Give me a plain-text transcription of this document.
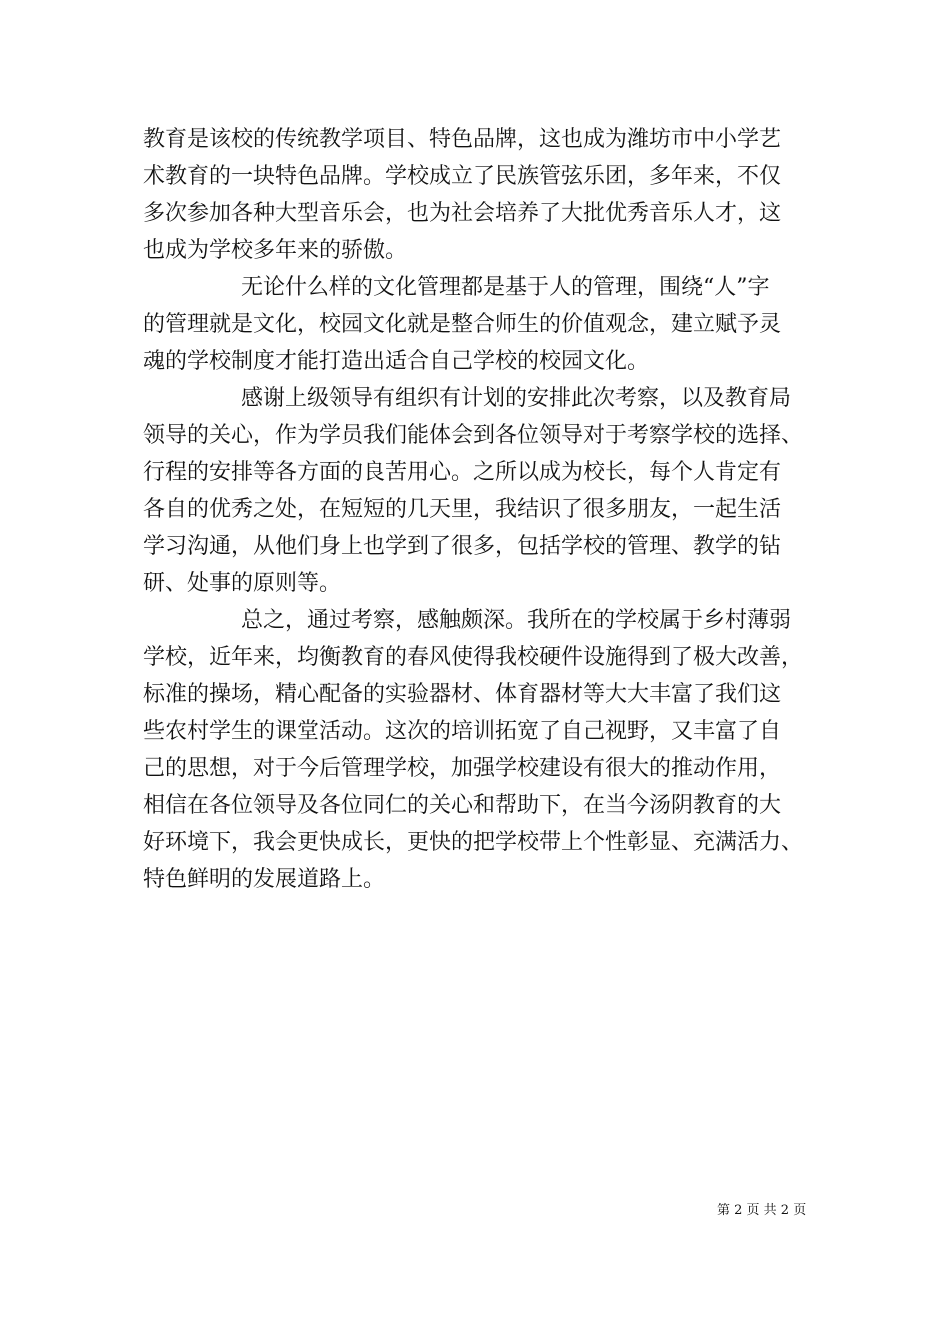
教育是该校的传统教学项目、特色品牌，这也成为潍坊市中小学艺
术教育的一块特色品牌。学校成立了民族管弦乐团，多年来，不仅
多次参加各种大型音乐会，也为社会培养了大批优秀音乐人才，这
也成为学校多年来的骄傲。
无论什么样的文化管理都是基于人的管理，围绕“人”字
的管理就是文化，校园文化就是整合师生的价值观念，建立赋予灵
魂的学校制度才能打造出适合自己学校的校园文化。
感谢上级领导有组织有计划的安排此次考察，以及教育局
领导的关心，作为学员我们能体会到各位领导对于考察学校的选择、
行程的安排等各方面的良苦用心。之所以成为校长，每个人肯定有
各自的优秀之处，在短短的几天里，我结识了很多朋友，一起生活
学习沟通，从他们身上也学到了很多，包括学校的管理、教学的钻
研、处事的原则等。
总之，通过考察，感触颇深。我所在的学校属于乡村薄弱
学校，近年来，均衡教育的春风使得我校硬件设施得到了极大改善，
标准的操场，精心配备的实验器材、体育器材等大大丰富了我们这
些农村学生的课堂活动。这次的培训拓宽了自己视野，又丰富了自
己的思想，对于今后管理学校，加强学校建设有很大的推动作用，
相信在各位领导及各位同仁的关心和帮助下，在当今汤阴教育的大
好环境下，我会更快成长，更快的把学校带上个性彰显、充满活力、
特色鲜明的发展道路上。
第 2 页 共 2 页
